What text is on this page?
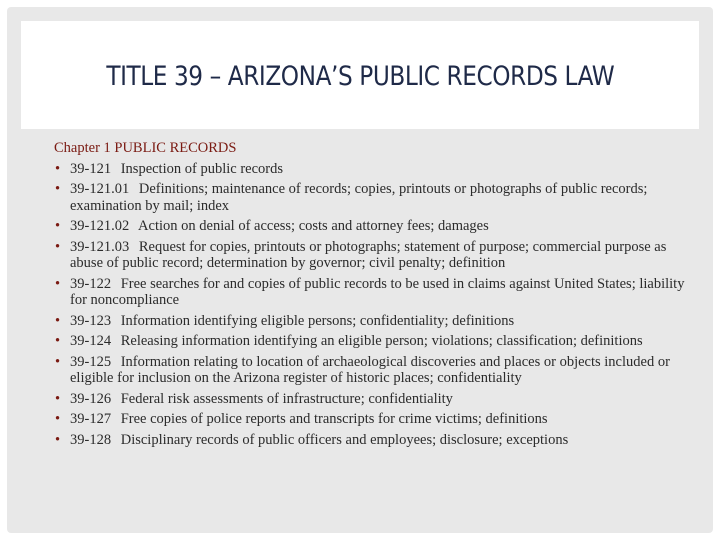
TITLE 39 – ARIZONA’S PUBLIC RECORDS LAW
Chapter 1 PUBLIC RECORDS
• 39-121 Inspection of public records
• 39-121.01 Definitions; maintenance of records; copies, printouts or photographs of public records; examination by mail; index
• 39-121.02 Action on denial of access; costs and attorney fees; damages
• 39-121.03 Request for copies, printouts or photographs; statement of purpose; commercial purpose as abuse of public record; determination by governor; civil penalty; definition
• 39-122 Free searches for and copies of public records to be used in claims against United States; liability for noncompliance
• 39-123 Information identifying eligible persons; confidentiality; definitions
• 39-124 Releasing information identifying an eligible person; violations; classification; definitions
• 39-125 Information relating to location of archaeological discoveries and places or objects included or eligible for inclusion on the Arizona register of historic places; confidentiality
• 39-126 Federal risk assessments of infrastructure; confidentiality
• 39-127 Free copies of police reports and transcripts for crime victims; definitions
• 39-128 Disciplinary records of public officers and employees; disclosure; exceptions
